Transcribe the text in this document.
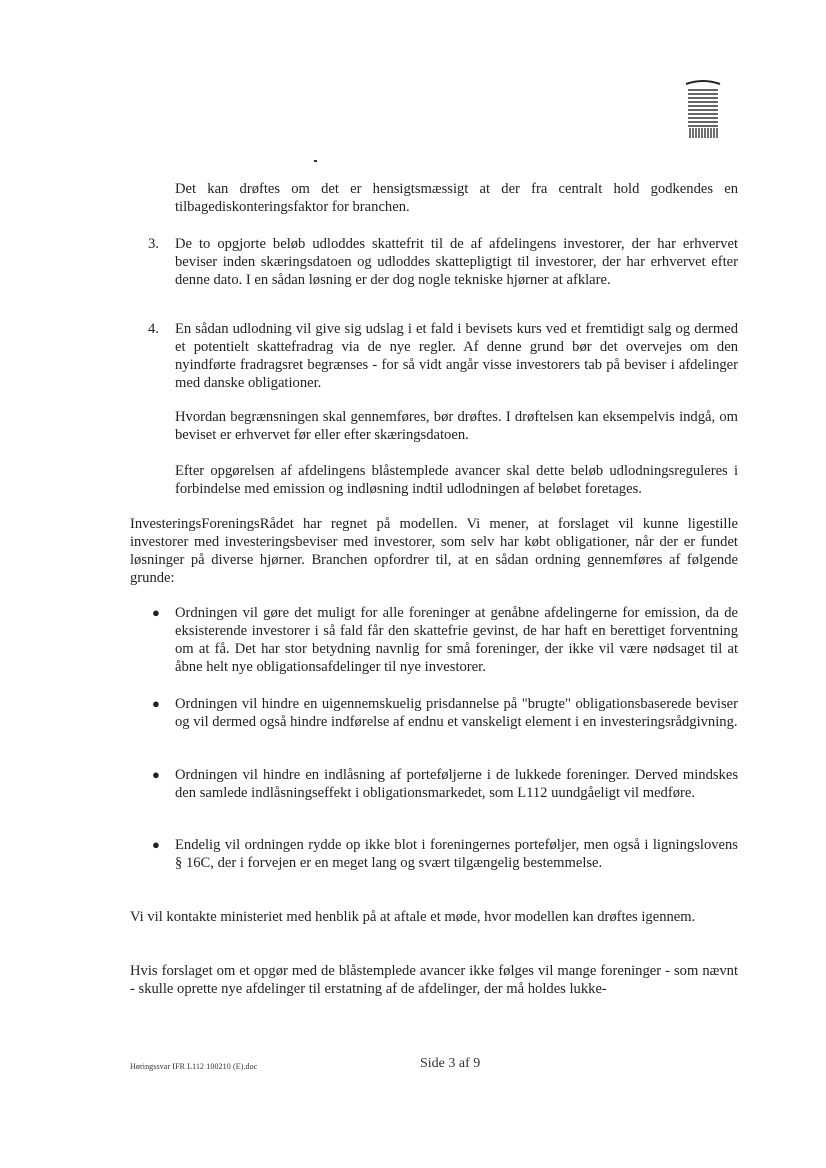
Det kan drøftes om det er hensigtsmæssigt at der fra centralt hold godkendes en tilbagediskonteringsfaktor for branchen.

3. De to opgjorte beløb udloddes skattefrit til de af afdelingens investorer, der har erhvervet beviser inden skæringsdatoen og udloddes skattepligtigt til investorer, der har erhvervet efter denne dato. I en sådan løsning er der dog nogle tekniske hjørner at afklare.

4. En sådan udlodning vil give sig udslag i et fald i bevisets kurs ved et fremtidigt salg og dermed et potentielt skattefradrag via de nye regler. Af denne grund bør det overvejes om den nyindførte fradragsret begrænses - for så vidt angår visse investorers tab på beviser i afdelinger med danske obligationer.

Hvordan begrænsningen skal gennemføres, bør drøftes. I drøftelsen kan eksempelvis indgå, om beviset er erhvervet før eller efter skæringsdatoen.

Efter opgørelsen af afdelingens blåstemplede avancer skal dette beløb udlodningsreguleres i forbindelse med emission og indløsning indtil udlodningen af beløbet foretages.

InvesteringsForeningsRådet har regnet på modellen. Vi mener, at forslaget vil kunne ligestille investorer med investeringsbeviser med investorer, som selv har købt obligationer, når der er fundet løsninger på diverse hjørner. Branchen opfordrer til, at en sådan ordning gennemføres af følgende grunde:

● Ordningen vil gøre det muligt for alle foreninger at genåbne afdelingerne for emission, da de eksisterende investorer i så fald får den skattefrie gevinst, de har haft en berettiget forventning om at få. Det har stor betydning navnlig for små foreninger, der ikke vil være nødsaget til at åbne helt nye obligationsafdelinger til nye investorer.

● Ordningen vil hindre en uigennemskuelig prisdannelse på "brugte" obligationsbaserede beviser og vil dermed også hindre indførelse af endnu et vanskeligt element i en investeringsrådgivning.

● Ordningen vil hindre en indlåsning af porteføljerne i de lukkede foreninger. Derved mindskes den samlede indlåsningseffekt i obligationsmarkedet, som L112 uundgåeligt vil medføre.

● Endelig vil ordningen rydde op ikke blot i foreningernes porteføljer, men også i ligningslovens § 16C, der i forvejen er en meget lang og svært tilgængelig bestemmelse.

Vi vil kontakte ministeriet med henblik på at aftale et møde, hvor modellen kan drøftes igennem.

Hvis forslaget om et opgør med de blåstemplede avancer ikke følges vil mange foreninger - som nævnt - skulle oprette nye afdelinger til erstatning af de afdelinger, der må holdes lukke-

Høringssvar IFR L112 100210 (E).doc	Side 3 af 9
